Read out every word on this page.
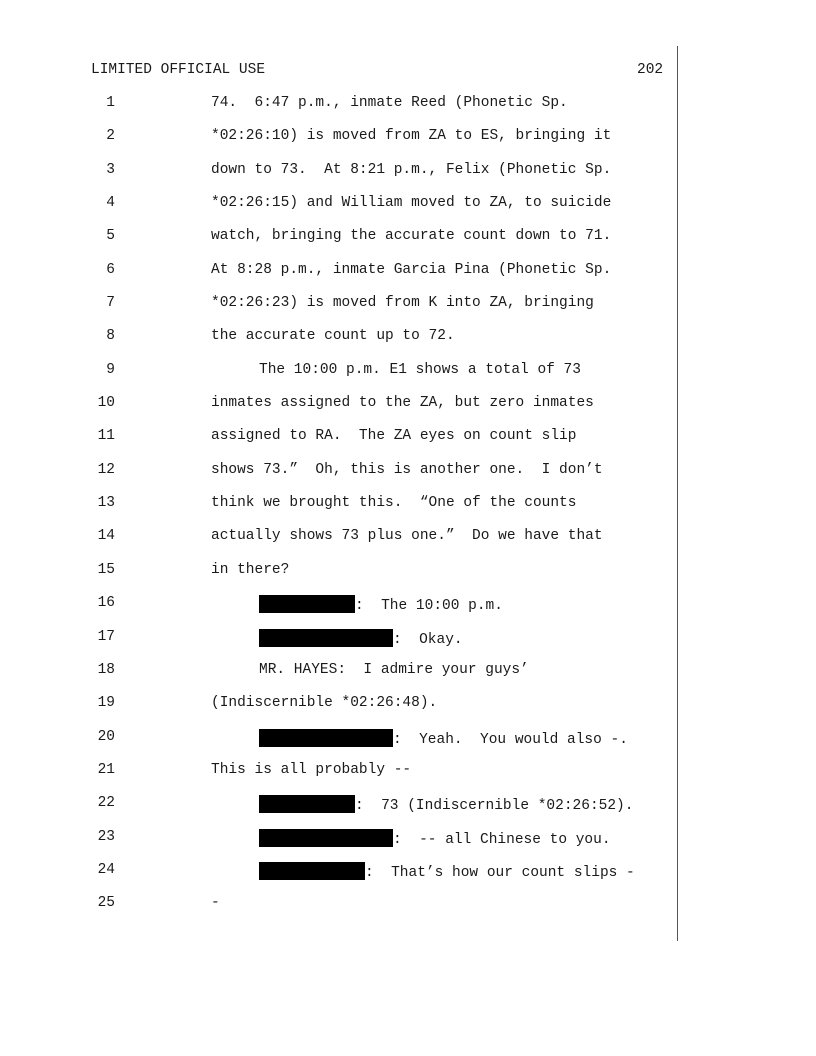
LIMITED OFFICIAL USE	202
1	74.  6:47 p.m., inmate Reed (Phonetic Sp.
2	*02:26:10) is moved from ZA to ES, bringing it
3	down to 73.  At 8:21 p.m., Felix (Phonetic Sp.
4	*02:26:15) and William moved to ZA, to suicide
5	watch, bringing the accurate count down to 71.
6	At 8:28 p.m., inmate Garcia Pina (Phonetic Sp.
7	*02:26:23) is moved from K into ZA, bringing
8	the accurate count up to 72.
9	The 10:00 p.m. E1 shows a total of 73
10	inmates assigned to the ZA, but zero inmates
11	assigned to RA.  The ZA eyes on count slip
12	shows 73.”  Oh, this is another one.  I don’t
13	think we brought this.  “One of the counts
14	actually shows 73 plus one.”  Do we have that
15	in there?
16	:  The 10:00 p.m.
17	:  Okay.
18	MR. HAYES:  I admire your guys’
19	(Indiscernible *02:26:48).
20	:  Yeah.  You would also -.
21	This is all probably --
22	:  73 (Indiscernible *02:26:52).
23	:  -- all Chinese to you.
24	:  That’s how our count slips -
25	-
